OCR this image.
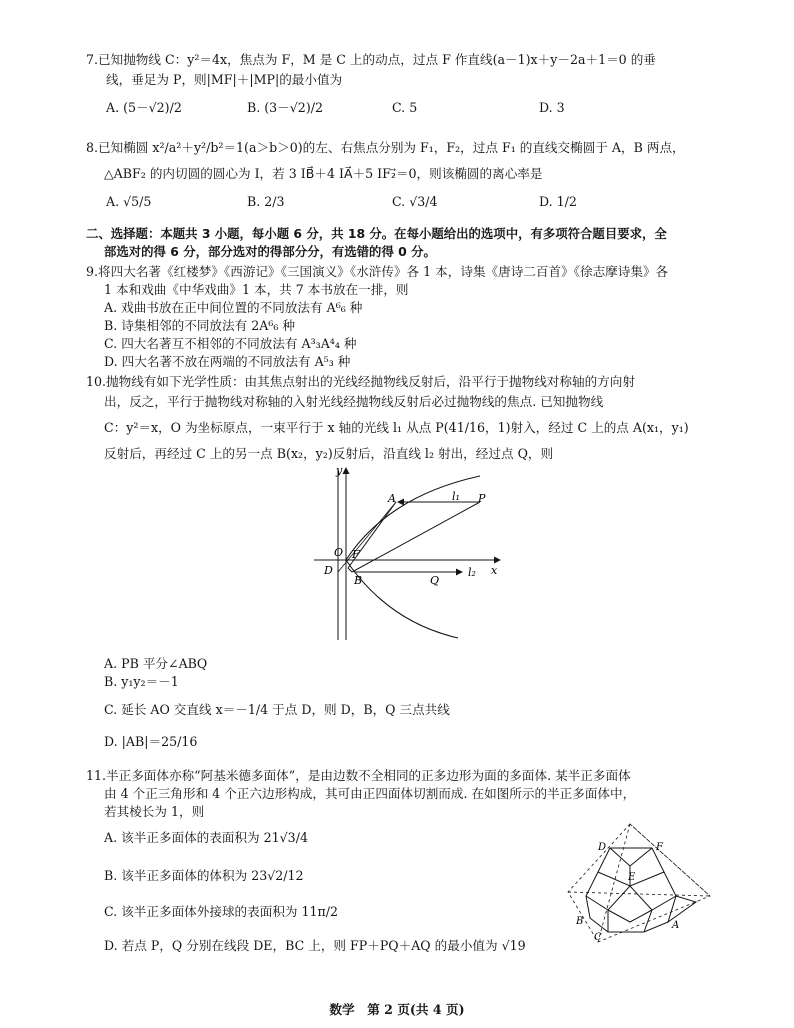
7.已知抛物线 C：y²＝4x，焦点为 F，M 是 C 上的动点，过点 F 作直线(a－1)x＋y－2a＋1＝0 的垂
线，垂足为 P，则|MF|＋|MP|的最小值为
A. (5－√2)/2	B. (3－√2)/2	C. 5	D. 3
8.已知椭圆 x²/a²＋y²/b²＝1(a＞b＞0)的左、右焦点分别为 F₁，F₂，过点 F₁ 的直线交椭圆于 A，B 两点，
△ABF₂ 的内切圆的圆心为 I，若 3 IB⃗＋4 IA⃗＋5 IF₂⃗＝0，则该椭圆的离心率是
A. √5/5	B. 2/3	C. √3/4	D. 1/2
二、选择题：本题共 3 小题，每小题 6 分，共 18 分。在每小题给出的选项中，有多项符合题目要求，全
部选对的得 6 分，部分选对的得部分分，有选错的得 0 分。
9.将四大名著《红楼梦》《西游记》《三国演义》《水浒传》各 1 本，诗集《唐诗二百首》《徐志摩诗集》各
1 本和戏曲《中华戏曲》1 本，共 7 本书放在一排，则
A. 戏曲书放在正中间位置的不同放法有 A⁶₆ 种
B. 诗集相邻的不同放法有 2A⁶₆ 种
C. 四大名著互不相邻的不同放法有 A³₃A⁴₄ 种
D. 四大名著不放在两端的不同放法有 A⁵₃ 种
10.抛物线有如下光学性质：由其焦点射出的光线经抛物线反射后，沿平行于抛物线对称轴的方向射
出，反之，平行于抛物线对称轴的入射光线经抛物线反射后必过抛物线的焦点. 已知抛物线
C：y²＝x，O 为坐标原点，一束平行于 x 轴的光线 l₁ 从点 P(41/16，1)射入，经过 C 上的点 A(x₁，y₁)
反射后，再经过 C 上的另一点 B(x₂，y₂)反射后，沿直线 l₂ 射出，经过点 Q，则
y
x
O F
D
A
B
P
Q
l₁
l₂
A. PB 平分∠ABQ
B. y₁y₂＝－1
C. 延长 AO 交直线 x＝－1/4 于点 D，则 D，B，Q 三点共线
D. |AB|＝25/16
11.半正多面体亦称“阿基米德多面体”，是由边数不全相同的正多边形为面的多面体. 某半正多面体
由 4 个正三角形和 4 个正六边形构成，其可由正四面体切割而成. 在如图所示的半正多面体中，
若其棱长为 1，则
A. 该半正多面体的表面积为 21√3/4
B. 该半正多面体的体积为 23√2/12
C. 该半正多面体外接球的表面积为 11π/2
D. 若点 P，Q 分别在线段 DE，BC 上，则 FP＋PQ＋AQ 的最小值为 √19
D	F
E
B
C
A
数学　第 2 页(共 4 页)
